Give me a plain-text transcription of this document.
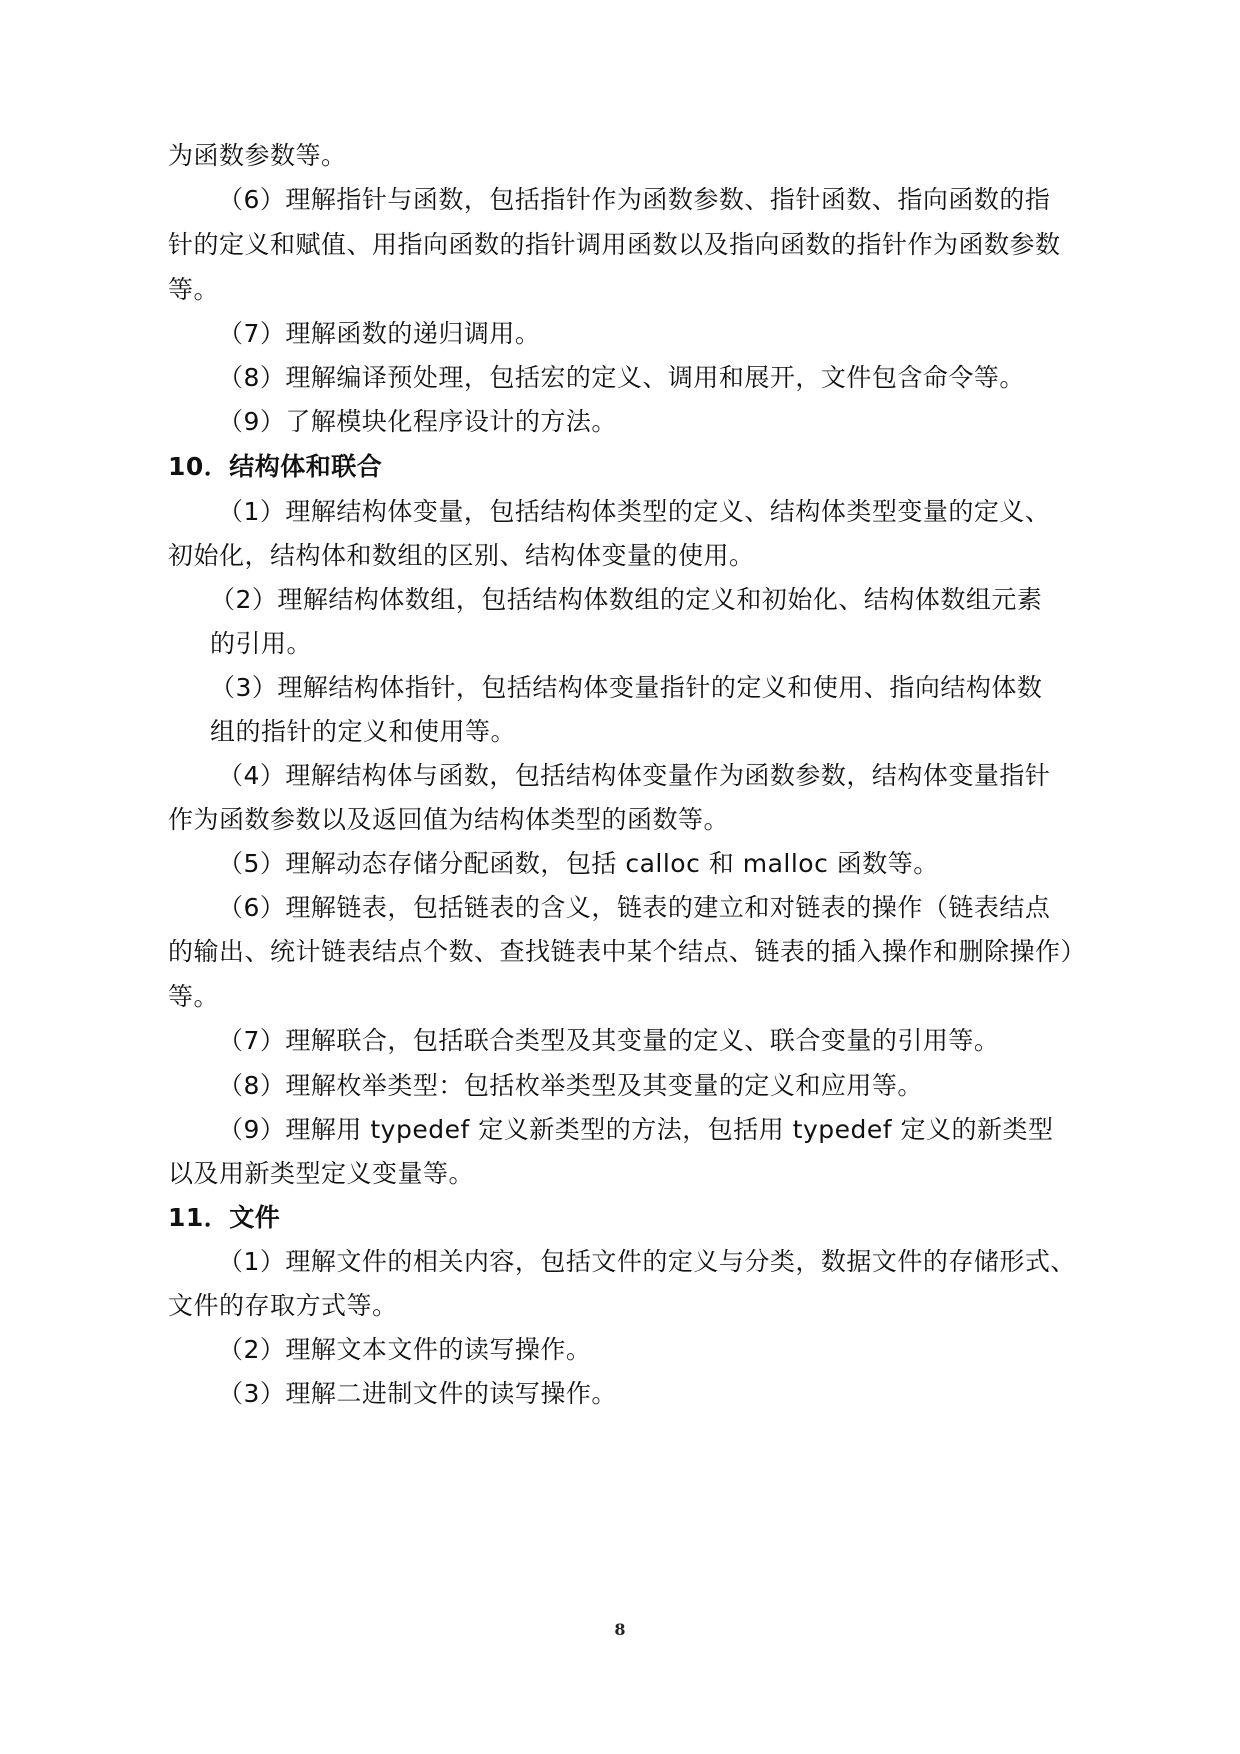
为函数参数等。
（6）理解指针与函数，包括指针作为函数参数、指针函数、指向函数的指
针的定义和赋值、用指向函数的指针调用函数以及指向函数的指针作为函数参数
等。
（7）理解函数的递归调用。
（8）理解编译预处理，包括宏的定义、调用和展开，文件包含命令等。
（9）了解模块化程序设计的方法。
10．结构体和联合
（1）理解结构体变量，包括结构体类型的定义、结构体类型变量的定义、
初始化，结构体和数组的区别、结构体变量的使用。
（2）理解结构体数组，包括结构体数组的定义和初始化、结构体数组元素
的引用。
（3）理解结构体指针，包括结构体变量指针的定义和使用、指向结构体数
组的指针的定义和使用等。
（4）理解结构体与函数，包括结构体变量作为函数参数，结构体变量指针
作为函数参数以及返回值为结构体类型的函数等。
（5）理解动态存储分配函数，包括 calloc 和 malloc 函数等。
（6）理解链表，包括链表的含义，链表的建立和对链表的操作（链表结点
的输出、统计链表结点个数、查找链表中某个结点、链表的插入操作和删除操作）
等。
（7）理解联合，包括联合类型及其变量的定义、联合变量的引用等。
（8）理解枚举类型：包括枚举类型及其变量的定义和应用等。
（9）理解用 typedef 定义新类型的方法，包括用 typedef 定义的新类型
以及用新类型定义变量等。
11．文件
（1）理解文件的相关内容，包括文件的定义与分类，数据文件的存储形式、
文件的存取方式等。
（2）理解文本文件的读写操作。
（3）理解二进制文件的读写操作。
8
